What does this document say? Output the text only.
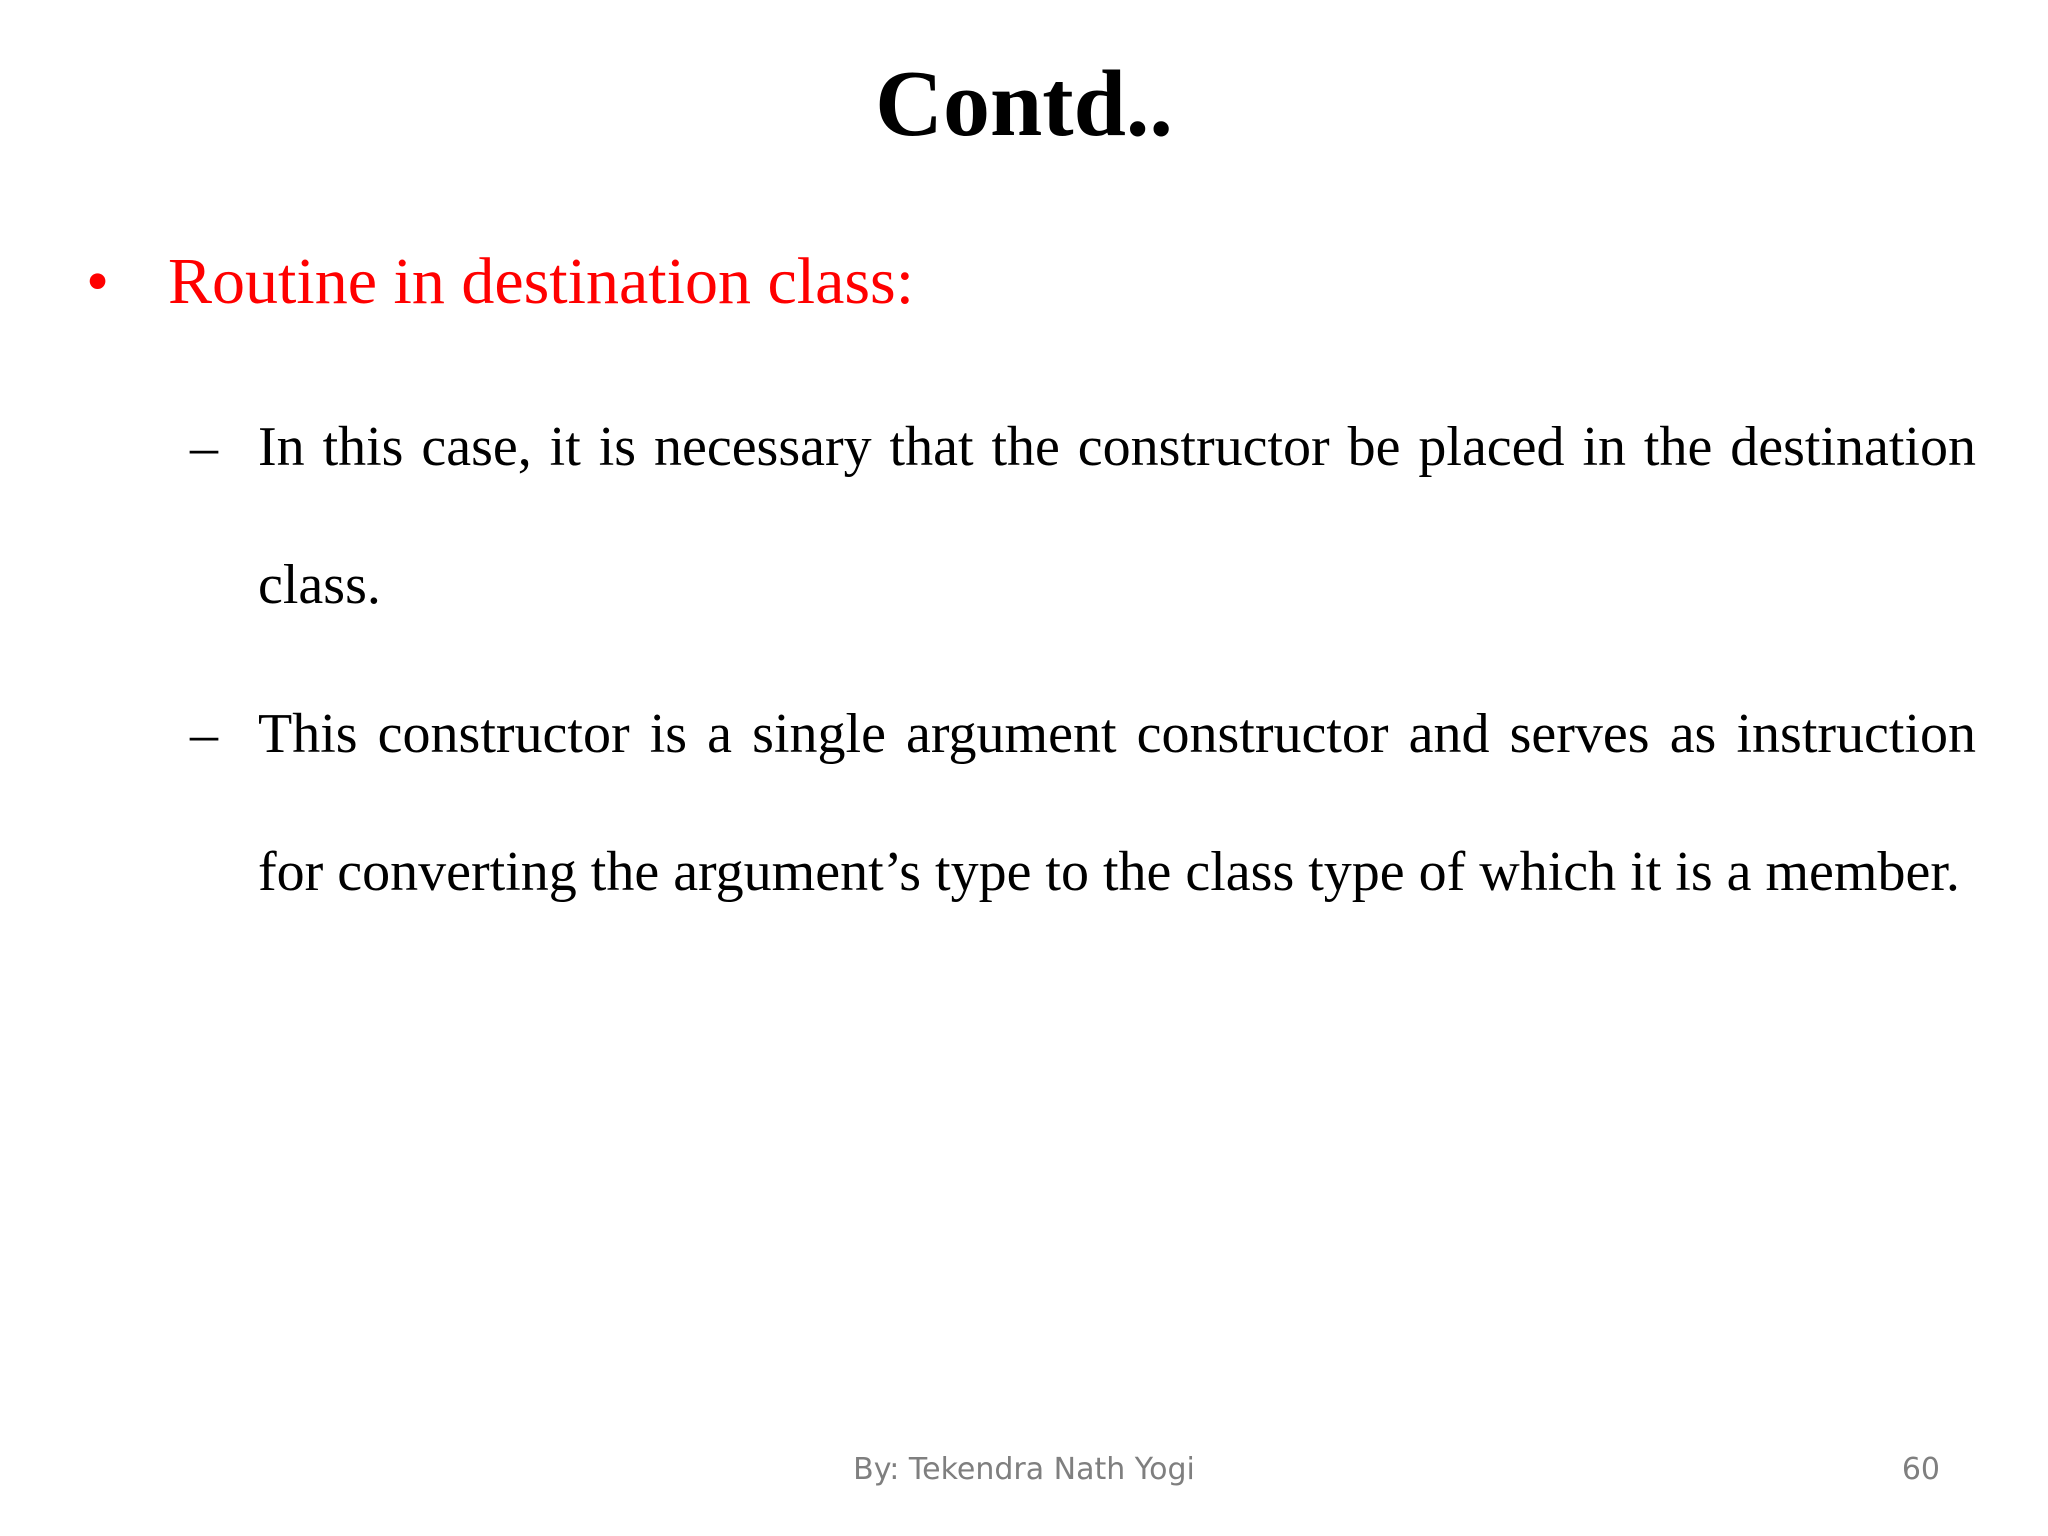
Contd..
• Routine in destination class:
– In this case, it is necessary that the constructor be placed in the destination class.
– This constructor is a single argument constructor and serves as instruction for converting the argument’s type to the class type of which it is a member.
By: Tekendra Nath Yogi	60
